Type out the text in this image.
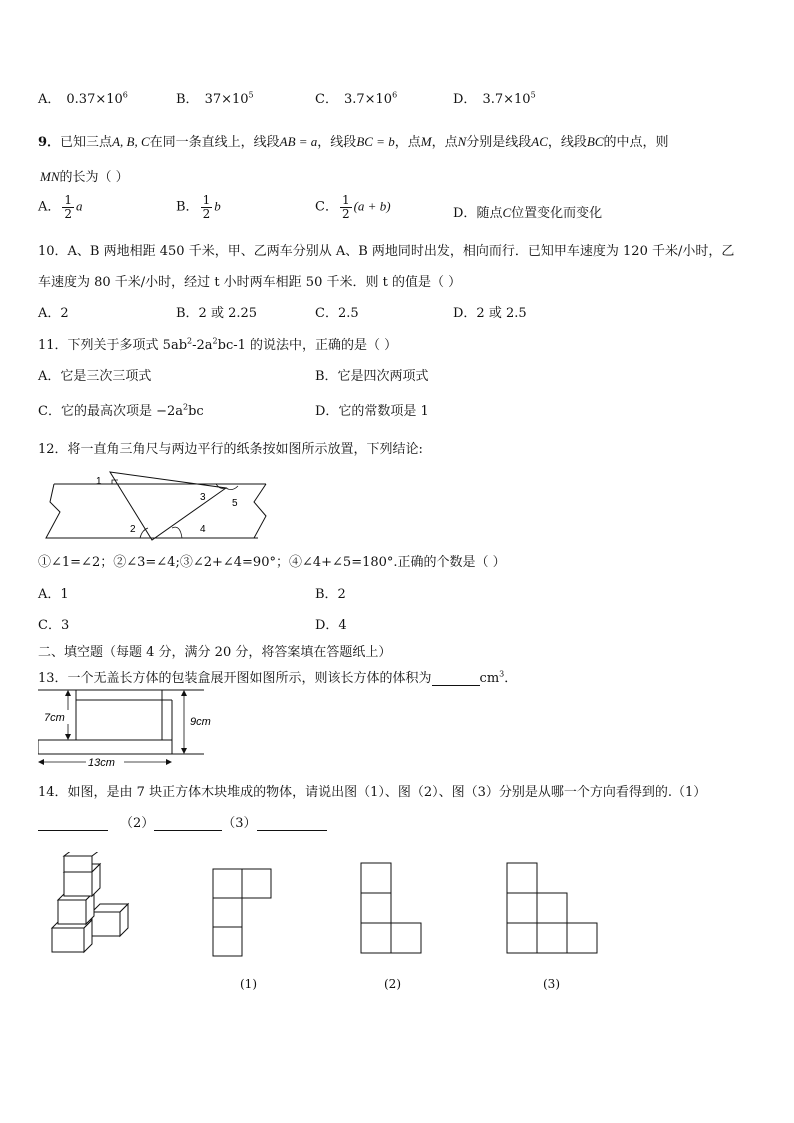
A． $0.37\times 10^6$	B． $37\times 10^5$	C． $3.7\times 10^6$	D． $3.7\times 10^5$
9．已知三点A, B, C在同一条直线上，线段AB = a，线段BC = b，点M，点N分别是线段AC，线段BC的中点，则
MN的长为（ ）
A． $\frac{1}{2}$ a	B． $\frac{1}{2}$ b	C． $\frac{1}{2} (a + b)$	D．随点C位置变化而变化
10．A、B 两地相距 450 千米，甲、乙两车分别从 A、B 两地同时出发，相向而行．已知甲车速度为 120 千米/小时，乙
车速度为 80 千米/小时，经过 t 小时两车相距 50 千米．则 t 的值是（ ）
A．2	B．2 或 2.25	C．2.5	D．2 或 2.5
11．下列关于多项式 $5ab^2-2a^2bc-1$ 的说法中，正确的是（ ）
A．它是三次三项式	B．它是四次两项式
C．它的最高次项是 $-2a^2bc$	D．它的常数项是 1
12．将一直角三角尺与两边平行的纸条按如图所示放置，下列结论:
1
2
3
4
5
①∠1=∠2；②∠3=∠4;③∠2+∠4=90°；④∠4+∠5=180°.正确的个数是（ ）
A．1	B．2
C．3	D．4
二、填空题（每题 4 分，满分 20 分，将答案填在答题纸上）
13．一个无盖长方体的包装盒展开图如图所示，则该长方体的体积为	$cm^3$．
7cm	9cm
13cm
14．如图，是由 7 块正方体木块堆成的物体，请说出图（1）、图（2）、图（3）分别是从哪一个方向看得到的.（1）
（2）	（3）
(1)	(2)	(3)
